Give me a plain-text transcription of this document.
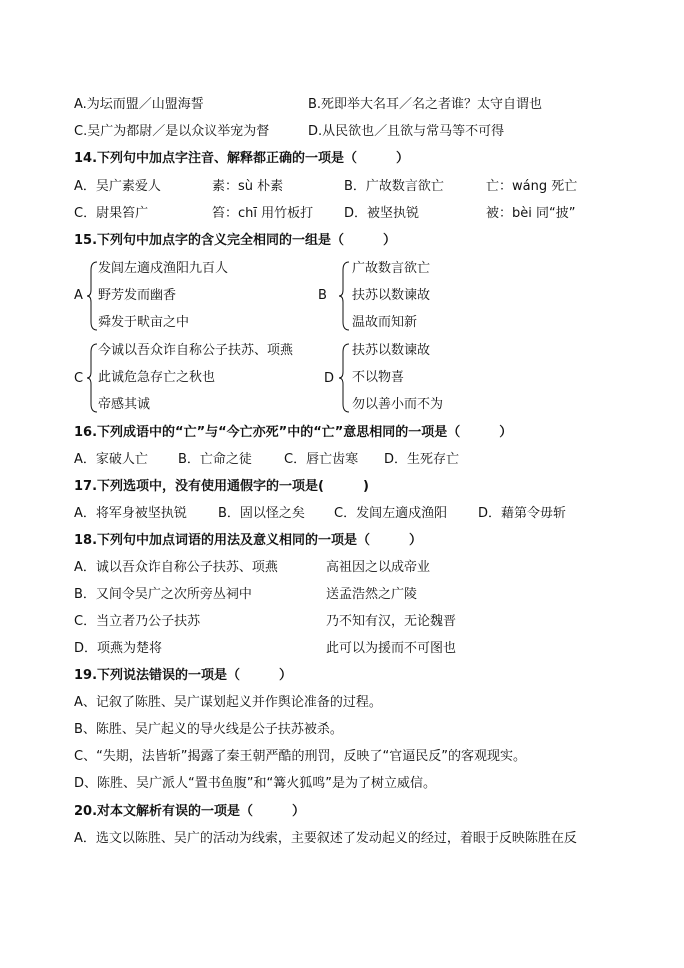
A.为坛而盟／山盟海誓	B.死即举大名耳／名之者谁？太守自谓也
C.吴广为都尉／是以众议举宠为督	D.从民欲也／且欲与常马等不可得
14.下列句中加点字注音、解释都正确的一项是（　　　）
A．吴广素爱人	素：sù 朴素	B．广故数言欲亡	亡：wáng 死亡
C．尉果笞广	笞：chī 用竹板打 D．被坚执锐	被：bèi 同“披”
15.下列句中加点字的含义完全相同的一组是（　　　）
A
发闾左適戍渔阳九百人
野芳发而幽香
舜发于畎亩之中
B
广故数言欲亡
扶苏以数谏故
温故而知新
C
今诚以吾众诈自称公子扶苏、项燕
此诚危急存亡之秋也
帝感其诚
D
扶苏以数谏故
不以物喜
勿以善小而不为
16.下列成语中的“亡”与“今亡亦死”中的“亡”意思相同的一项是（　　　）
A．家破人亡 B．亡命之徒 C．唇亡齿寒 D．生死存亡
17.下列选项中，没有使用通假字的一项是(　　　)
A．将军身被坚执锐 B．固以怪之矣 C．发闾左適戍渔阳 D．藉第令毋斩
18.下列句中加点词语的用法及意义相同的一项是（　　　）
A．诚以吾众诈自称公子扶苏、项燕	高祖因之以成帝业
B．又间令吴广之次所旁丛祠中	送孟浩然之广陵
C．当立者乃公子扶苏	乃不知有汉，无论魏晋
D．项燕为楚将	此可以为援而不可图也
19.下列说法错误的一项是（　　　）
A、记叙了陈胜、吴广谋划起义并作舆论准备的过程。
B、陈胜、吴广起义的导火线是公子扶苏被杀。
C、“失期，法皆斩”揭露了秦王朝严酷的刑罚，反映了“官逼民反”的客观现实。
D、陈胜、吴广派人“置书鱼腹”和“篝火狐鸣”是为了树立威信。
20.对本文解析有误的一项是（　　　）
A．选文以陈胜、吴广的活动为线索，主要叙述了发动起义的经过，着眼于反映陈胜在反
